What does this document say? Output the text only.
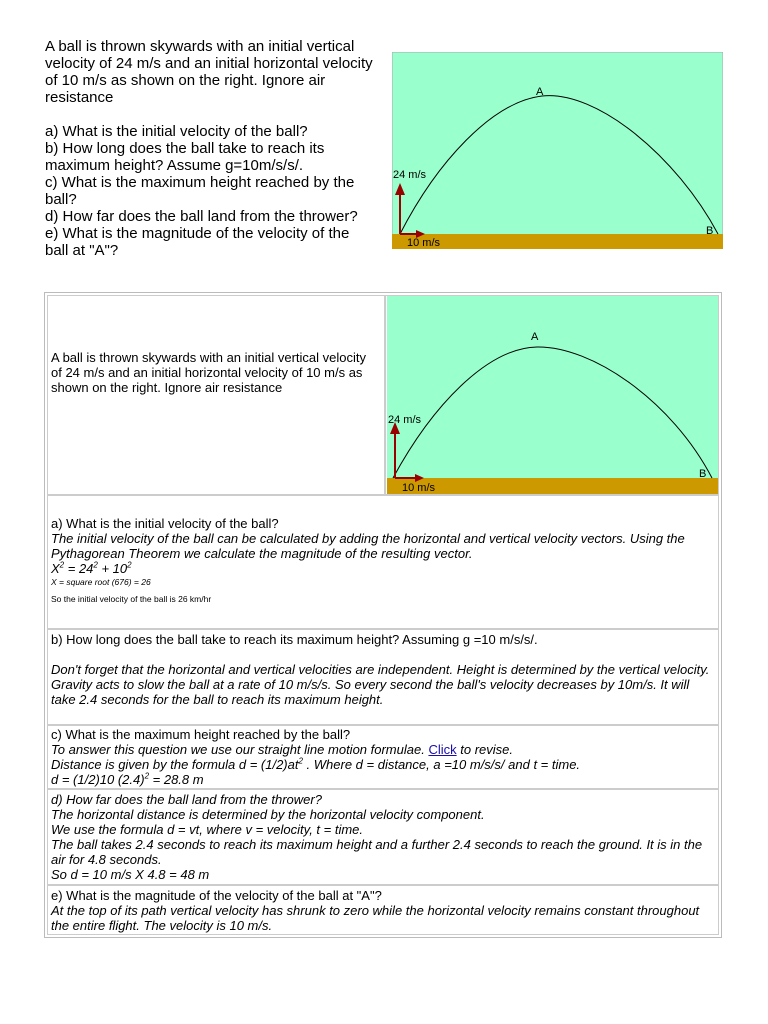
A ball is thrown skywards with an initial vertical velocity of 24 m/s and an initial horizontal velocity of 10 m/s as shown on the right. Ignore air resistance

a) What is the initial velocity of the ball?

b) How long does the ball take to reach its maximum height? Assume g=10m/s/s/.

c) What is the maximum height reached by the ball?

d) How far does the ball land from the thrower?

e) What is the magnitude of the velocity of the ball at "A"?

A
B
24 m/s
10 m/s

A ball is thrown skywards with an initial vertical velocity of 24 m/s and an initial horizontal velocity of 10 m/s as shown on the right. Ignore air resistance

A
B
24 m/s
10 m/s

a) What is the initial velocity of the ball?

The initial velocity of the ball can be calculated by adding the horizontal and vertical velocity vectors. Using the Pythagorean Theorem we calculate the magnitude of the resulting vector.

$X^2 = 24^2 + 10^2$

X = square root (676) = 26

So the initial velocity of the ball is 26 km/hr

b) How long does the ball take to reach its maximum height? Assuming g =10 m/s/s/.

Don't forget that the horizontal and vertical velocities are independent. Height is determined by the vertical velocity.

Gravity acts to slow the ball at a rate of 10 m/s/s. So every second the ball's velocity decreases by 10m/s. It will take 2.4 seconds for the ball to reach its maximum height.

c) What is the maximum height reached by the ball?

To answer this question we use our straight line motion formulae. Click to revise.

Distance is given by the formula $d = (1/2)at^2$ . Where d = distance, a =10 m/s/s/ and t = time.

d = (1/2)10 $(2.4)^2 = 28.8$ m

d) How far does the ball land from the thrower?

The horizontal distance is determined by the horizontal velocity component.

We use the formula d = vt, where v = velocity, t = time.

The ball takes 2.4 seconds to reach its maximum height and a further 2.4 seconds to reach the ground. It is in the air for 4.8 seconds.

So d = 10 m/s X 4.8 = 48 m

e) What is the magnitude of the velocity of the ball at "A"?

At the top of its path vertical velocity has shrunk to zero while the horizontal velocity remains constant throughout the entire flight. The velocity is 10 m/s.
